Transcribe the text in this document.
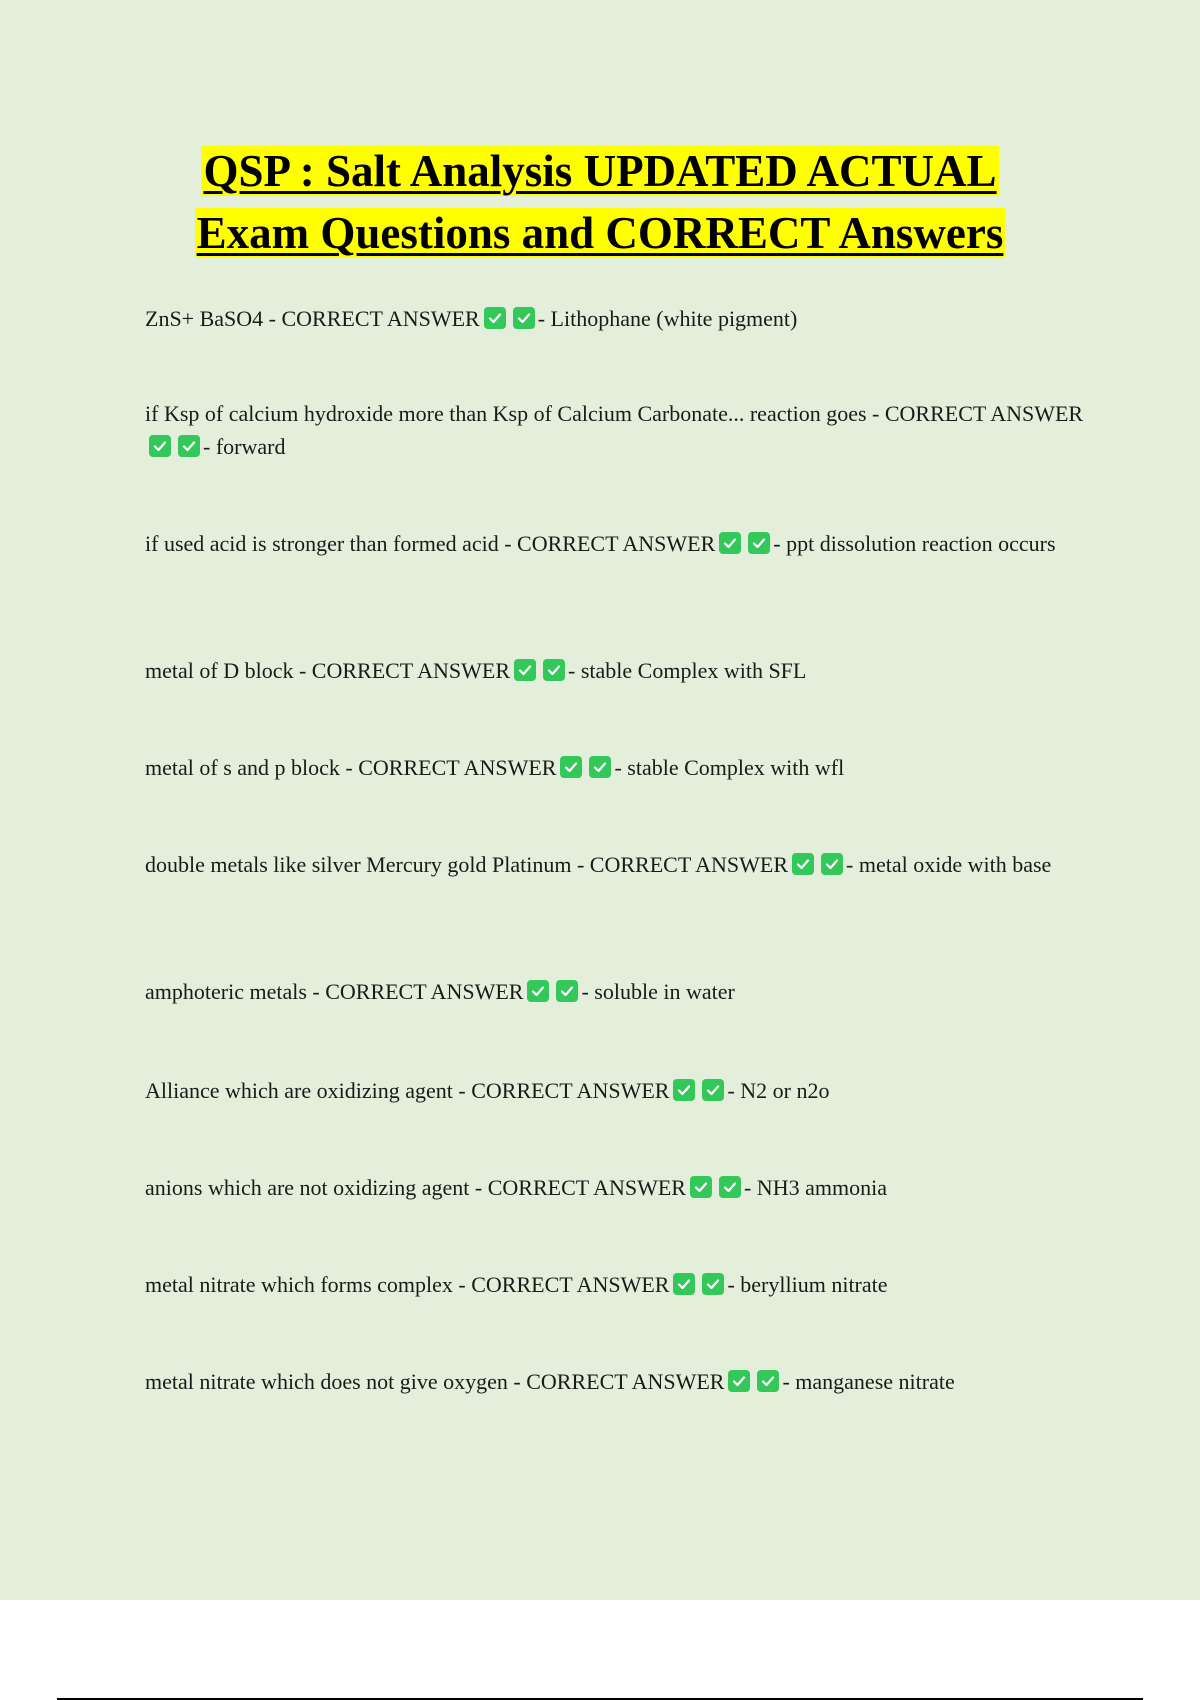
QSP : Salt Analysis UPDATED ACTUAL
Exam Questions and CORRECT Answers

ZnS+ BaSO4 - CORRECT ANSWER	- Lithophane (white pigment)

if Ksp of calcium hydroxide more than Ksp of Calcium Carbonate... reaction goes - CORRECT ANSWER
- forward

if used acid is stronger than formed acid - CORRECT ANSWER	- ppt dissolution reaction occurs

metal of D block - CORRECT ANSWER	- stable Complex with SFL

metal of s and p block - CORRECT ANSWER	- stable Complex with wfl

double metals like silver Mercury gold Platinum - CORRECT ANSWER	- metal oxide with base

amphoteric metals - CORRECT ANSWER	- soluble in water

Alliance which are oxidizing agent - CORRECT ANSWER	- N2 or n2o

anions which are not oxidizing agent - CORRECT ANSWER	- NH3 ammonia

metal nitrate which forms complex - CORRECT ANSWER	- beryllium nitrate

metal nitrate which does not give oxygen - CORRECT ANSWER	- manganese nitrate
